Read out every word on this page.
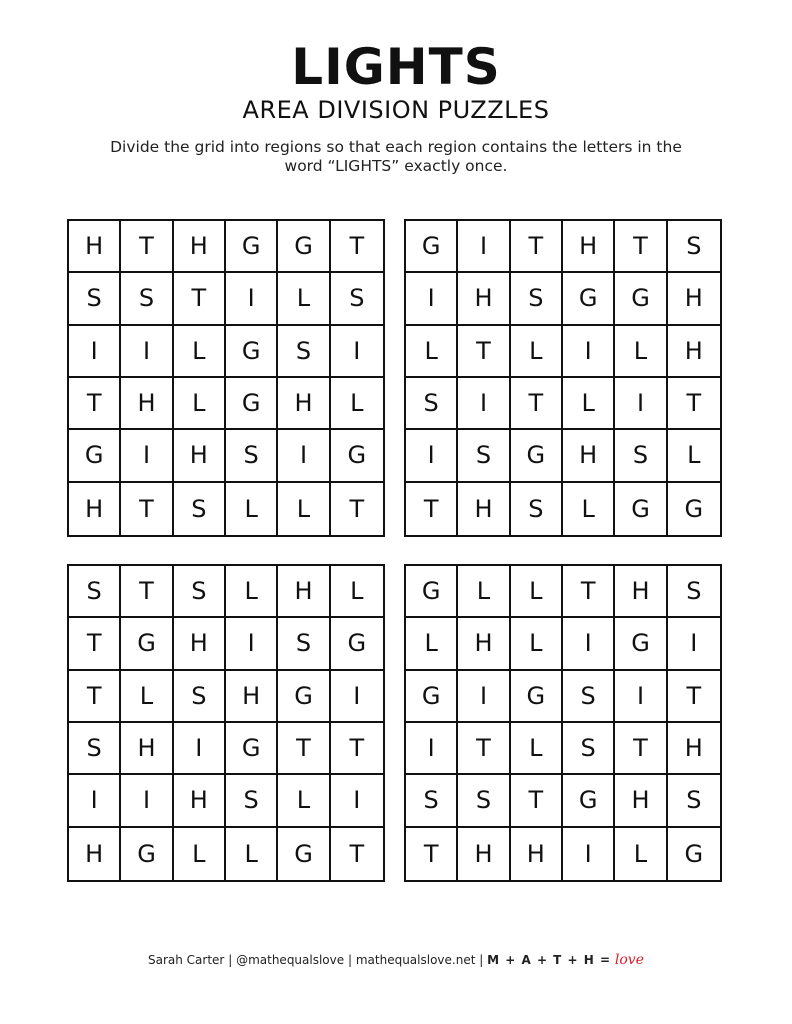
LIGHTS
AREA DIVISION PUZZLES
Divide the grid into regions so that each region contains the letters in the word “LIGHTS” exactly once.
H	T	H	G	G	T
S	S	T	I	L	S
I	I	L	G	S	I
T	H	L	G	H	L
G	I	H	S	I	G
H	T	S	L	L	T
G	I	T	H	T	S
I	H	S	G	G	H
L	T	L	I	L	H
S	I	T	L	I	T
I	S	G	H	S	L
T	H	S	L	G	G
S	T	S	L	H	L
T	G	H	I	S	G
T	L	S	H	G	I
S	H	I	G	T	T
I	I	H	S	L	I
H	G	L	L	G	T
G	L	L	T	H	S
L	H	L	I	G	I
G	I	G	S	I	T
I	T	L	S	T	H
S	S	T	G	H	S
T	H	H	I	L	G
Sarah Carter | @mathequalslove | mathequalslove.net | M + A + T + H = love
